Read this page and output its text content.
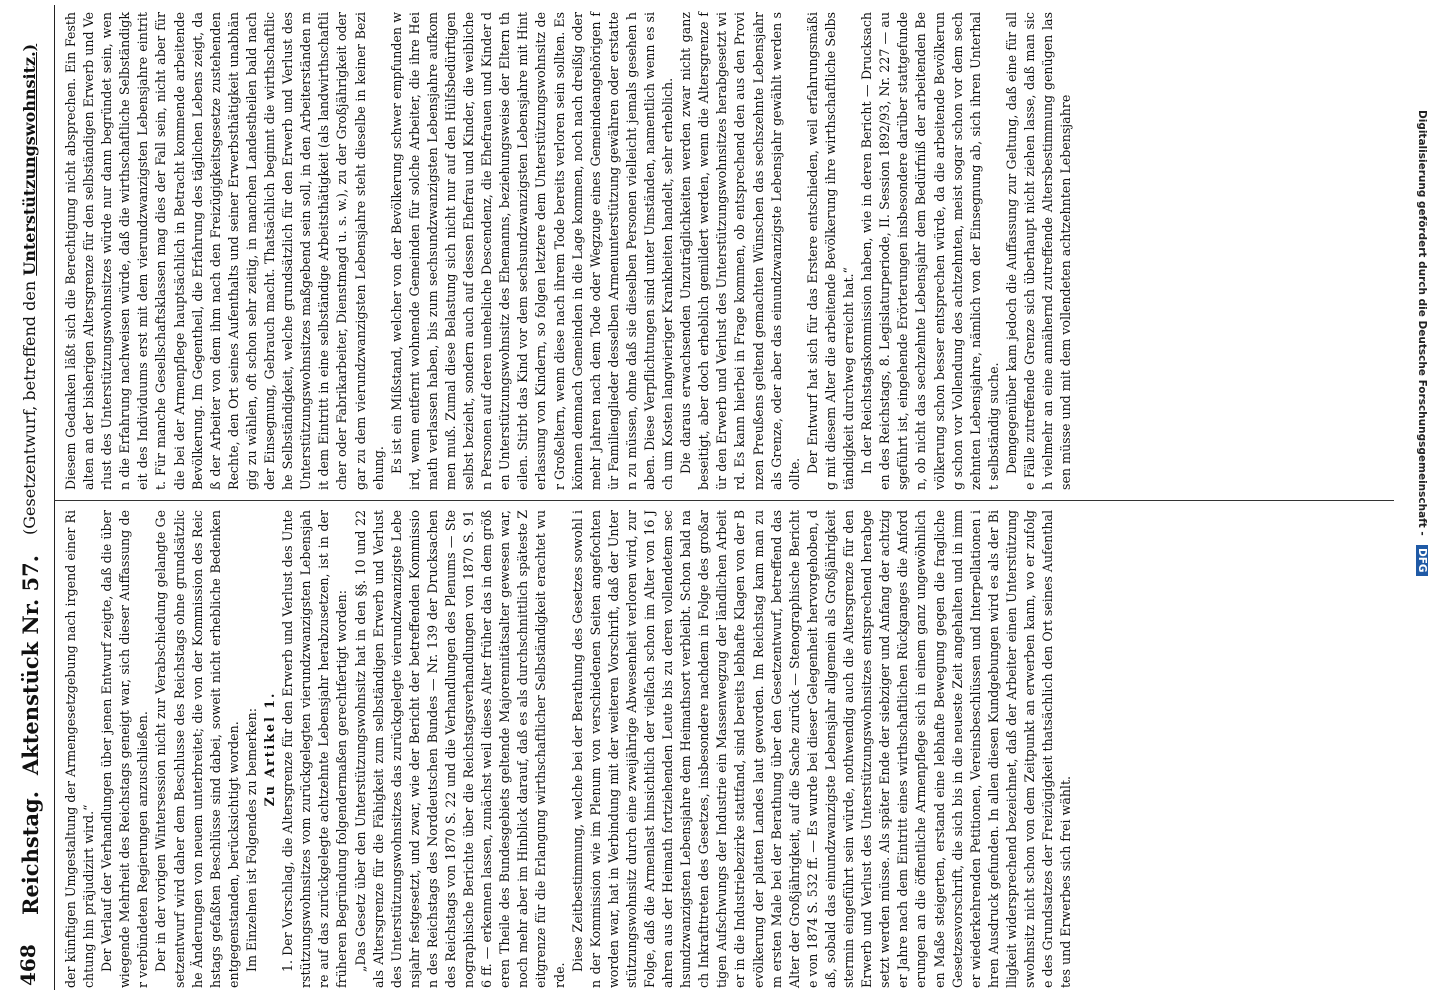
468
Reichstag.
Aktenstück Nr. 57.
(Gesetzentwurf, betreffend den Unterstützungswohnsitz.)

der künftigen Umgestaltung der Armengesetzgebung nach irgend einer Richtung hin präjudizirt wird.“ Der Verlauf der Verhandlungen über jenen Entwurf zeigte, daß die überwiegende Mehrheit des Reichstags geneigt war, sich dieser Auffassung der verbündeten Regierungen anzuschließen. Der in der vorigen Wintersession nicht zur Verabschiedung gelangte Gesetzentwurf wird daher dem Beschlusse des Reichstags ohne grundsätzliche Änderungen von neuem unterbreitet; die von der Kommission des Reichstags gefaßten Beschlüsse sind dabei, soweit nicht erhebliche Bedenken entgegenstanden, berücksichtigt worden. Im Einzelnen ist Folgendes zu bemerken: Zu Artikel 1. 1. Der Vorschlag, die Altersgrenze für den Erwerb und Verlust des Unterstützungswohnsitzes vom zurückgelegten vierundzwanzigsten Lebensjahre auf das zurückgelegte achtzehnte Lebensjahr herabzusetzen, ist in der früheren Begründung folgendermaßen gerechtfertigt worden: „Das Gesetz über den Unterstützungswohnsitz hat in den §§. 10 und 22 als Altersgrenze für die Fähigkeit zum selbständigen Erwerb und Verlust des Unterstützungswohnsitzes das zurückgelegte vierundzwanzigste Lebensjahr festgesetzt, und zwar, wie der Bericht der betreffenden Kommission des Reichstags des Norddeutschen Bundes — Nr. 139 der Drucksachen des Reichstags von 1870 S. 22 und die Verhandlungen des Plenums — Stenographische Berichte über die Reichstagsverhandlungen von 1870 S. 916 ff. — erkennen lassen, zunächst weil dieses Alter früher das in dem größeren Theile des Bundesgebiets geltende Majorennitätsalter gewesen war, noch mehr aber im Hinblick darauf, daß es als durchschnittlich späteste Zeitgrenze für die Erlangung wirthschaftlicher Selbständigkeit erachtet wurde.

Diese Zeitbestimmung, welche bei der Berathung des Gesetzes sowohl in der Kommission wie im Plenum von verschiedenen Seiten angefochten worden war, hat in Verbindung mit der weiteren Vorschrift, daß der Unterstützungswohnsitz durch eine zweijährige Abwesenheit verloren wird, zur Folge, daß die Armenlast hinsichtlich der vielfach schon im Alter von 16 Jahren aus der Heimath fortziehenden Leute bis zu deren vollendetem sechsundzwanzigsten Lebensjahre dem Heimathsort verbleibt. Schon bald nach Inkrafttreten des Gesetzes, insbesondere nachdem in Folge des großartigen Aufschwungs der Industrie ein Massenwegzug der ländlichen Arbeiter in die Industriebezirke stattfand, sind bereits lebhafte Klagen von der Bevölkerung der platten Landes laut geworden. Im Reichstag kam man zum ersten Male bei der Berathung über den Gesetzentwurf, betreffend das Alter der Großjährigkeit, auf die Sache zurück — Stenographische Berichte von 1874 S. 532 ff. — Es wurde bei dieser Gelegenheit hervorgehoben, daß, sobald das einundzwanzigste Lebensjahr allgemein als Großjährigkeitstermin eingeführt sein würde, nothwendig auch die Altersgrenze für den Erwerb und Verlust des Unterstützungswohnsitzes entsprechend herabgesetzt werden müsse. Als später Ende der siebziger und Anfang der achtziger Jahre nach dem Eintritt eines wirthschaftlichen Rückganges die Anforderungen an die öffentliche Armenpflege sich in einem ganz ungewöhnlichen Maße steigerten, erstand eine lebhafte Bewegung gegen die fragliche Gesetzesvorschrift, die sich bis in die neueste Zeit angehalten und in immer wiederkehrenden Petitionen, Vereinsbeschlüssen und Interpellationen ihren Ausdruck gefunden. In allen diesen Kundgebungen wird es als der Billigkeit widersprechend bezeichnet, daß der Arbeiter einen Unterstützungswohnsitz nicht schon von dem Zeitpunkt an erwerben kann, wo er zufolge des Grundsatzes der Freizügigkeit thatsächlich den Ort seines Aufenthaltes und Erwerbes sich frei wählt.

Diesem Gedanken läßt sich die Berechtigung nicht absprechen. Ein Festhalten an der bisherigen Altersgrenze für den selbständigen Erwerb und Verlust des Unterstützungswohnsitzes würde nur dann begründet sein, wenn die Erfahrung nachweisen würde, daß die wirthschaftliche Selbständigkeit des Individuums erst mit dem vierundzwanzigsten Lebensjahre eintritt. Für manche Gesellschaftsklassen mag dies der Fall sein, nicht aber für die bei der Armenpflege hauptsächlich in Betracht kommende arbeitende Bevölkerung. Im Gegentheil, die Erfahrung des täglichen Lebens zeigt, daß der Arbeiter von dem ihm nach den Freizügigkeitsgesetze zustehenden Rechte, den Ort seines Aufenthalts und seiner Erwerbsthätigkeit unabhängig zu wählen, oft schon sehr zeitig, in manchen Landestheilen bald nach der Einsegnung, Gebrauch macht. Thatsächlich beginnt die wirthschaftliche Selbständigkeit, welche grundsätzlich für den Erwerb und Verlust des Unterstützungswohnsitzes maßgebend sein soll, in den Arbeiterständen mit dem Eintritt in eine selbständige Arbeitsthätigkeit (als landwirthschaftlicher oder Fabrikarbeiter, Dienstmagd u. s. w.), zu der Großjährigkeit oder gar zu dem vierundzwanzigsten Lebensjahre steht dieselbe in keiner Beziehung. Es ist ein Mißstand, welcher von der Bevölkerung schwer empfunden wird, wenn entfernt wohnende Gemeinden für solche Arbeiter, die ihre Heimath verlassen haben, bis zum sechsundzwanzigsten Lebensjahre aufkommen muß. Zumal diese Belastung sich nicht nur auf den Hülfsbedürftigen selbst bezieht, sondern auch auf dessen Ehefrau und Kinder, die weiblichen Personen auf deren uneheliche Descendenz, die Ehefrauen und Kinder den Unterstützungswohnsitz des Ehemanns, beziehungsweise der Eltern theilen. Stirbt das Kind vor dem sechsundzwanzigsten Lebensjahre mit Hinterlassung von Kindern, so folgen letztere dem Unterstützungswohnsitz der Großeltern, wenn diese nach ihrem Tode bereits verloren sein sollten. Es können demnach Gemeinden in die Lage kommen, noch nach dreißig oder mehr Jahren nach dem Tode oder Wegzuge eines Gemeindeangehörigen für Familienglieder desselben Armenunterstützung gewähren oder erstatten zu müssen, ohne daß sie dieselben Personen vielleicht jemals gesehen haben. Diese Verpflichtungen sind unter Umständen, namentlich wenn es sich um Kosten langwieriger Krankheiten handelt, sehr erheblich. Die daraus erwachsenden Unzuträglichkeiten werden zwar nicht ganz beseitigt, aber doch erheblich gemildert werden, wenn die Altersgrenze für den Erwerb und Verlust des Unterstützungswohnsitzes herabgesetzt wird. Es kann hierbei in Frage kommen, ob entsprechend den aus den Provinzen Preußens geltend gemachten Wünschen das sechszehnte Lebensjahr als Grenze, oder aber das einundzwanzigste Lebensjahr gewählt werden sollte. Der Entwurf hat sich für das Erstere entschieden, weil erfahrungsmäßig mit diesem Alter die arbeitende Bevölkerung ihre wirthschaftliche Selbständigkeit durchweg erreicht hat.“ In der Reichstagskommission haben, wie in deren Bericht — Drucksachen des Reichstags, 8. Legislaturperiode, II. Session 1892/93, Nr. 227 — ausgeführt ist, eingehende Erörterungen insbesondere darüber stattgefunden, ob nicht das sechzehnte Lebensjahr dem Bedürfniß der arbeitenden Bevölkerung schon besser entsprechen würde, da die arbeitende Bevölkerung schon vor Vollendung des achtzehnten, meist sogar schon vor dem sechzehnten Lebensjahre, nämlich von der Einsegnung ab, sich ihren Unterhalt selbständig suche. Demgegenüber kam jedoch die Auffassung zur Geltung, daß eine für alle Fälle zutreffende Grenze sich überhaupt nicht ziehen lasse, daß man sich vielmehr an eine annähernd zutreffende Altersbestimmung genügen lassen müsse und mit dem vollendeten achtzehnten Lebensjahre	Digitalisierung gefördert durch die Deutsche Forschungsgemeinschaft - DFG
